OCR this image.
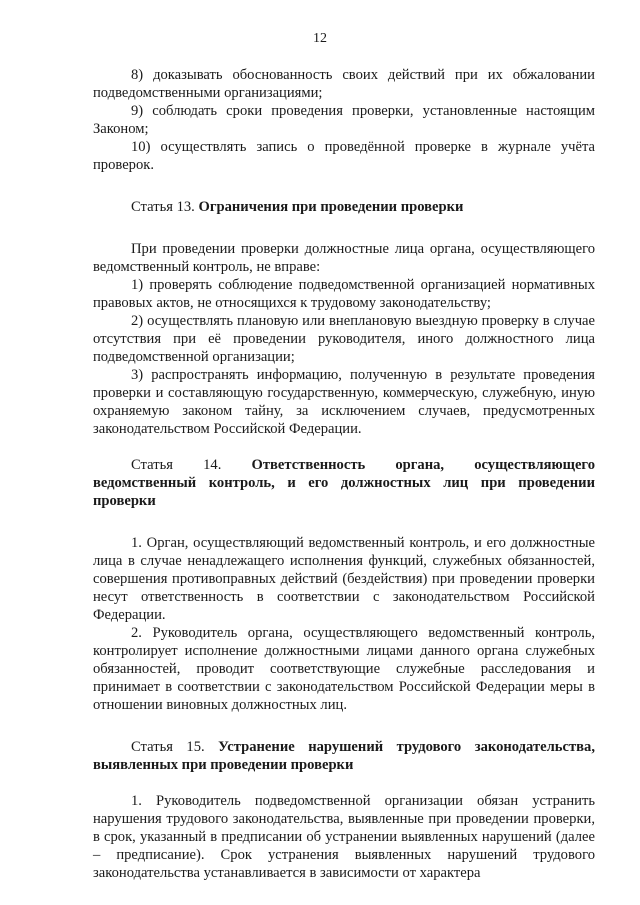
12

8) доказывать обоснованность своих действий при их обжаловании подведомственными организациями;

9) соблюдать сроки проведения проверки, установленные настоящим Законом;

10) осуществлять запись о проведённой проверке в журнале учёта проверок.

Статья 13. Ограничения при проведении проверки

При проведении проверки должностные лица органа, осуществляющего ведомственный контроль, не вправе:

1) проверять соблюдение подведомственной организацией нормативных правовых актов, не относящихся к трудовому законодательству;

2) осуществлять плановую или внеплановую выездную проверку в случае отсутствия при её проведении руководителя, иного должностного лица подведомственной организации;

3) распространять информацию, полученную в результате проведения проверки и составляющую государственную, коммерческую, служебную, иную охраняемую законом тайну, за исключением случаев, предусмотренных законодательством Российской Федерации.

Статья 14. Ответственность органа, осуществляющего ведомственный контроль, и его должностных лиц при проведении проверки

1. Орган, осуществляющий ведомственный контроль, и его должностные лица в случае ненадлежащего исполнения функций, служебных обязанностей, совершения противоправных действий (бездействия) при проведении проверки несут ответственность в соответствии с законодательством Российской Федерации.

2. Руководитель органа, осуществляющего ведомственный контроль, контролирует исполнение должностными лицами данного органа служебных обязанностей, проводит соответствующие служебные расследования и принимает в соответствии с законодательством Российской Федерации меры в отношении виновных должностных лиц.

Статья 15. Устранение нарушений трудового законодательства, выявленных при проведении проверки

1. Руководитель подведомственной организации обязан устранить нарушения трудового законодательства, выявленные при проведении проверки, в срок, указанный в предписании об устранении выявленных нарушений (далее – предписание). Срок устранения выявленных нарушений трудового законодательства устанавливается в зависимости от характера
